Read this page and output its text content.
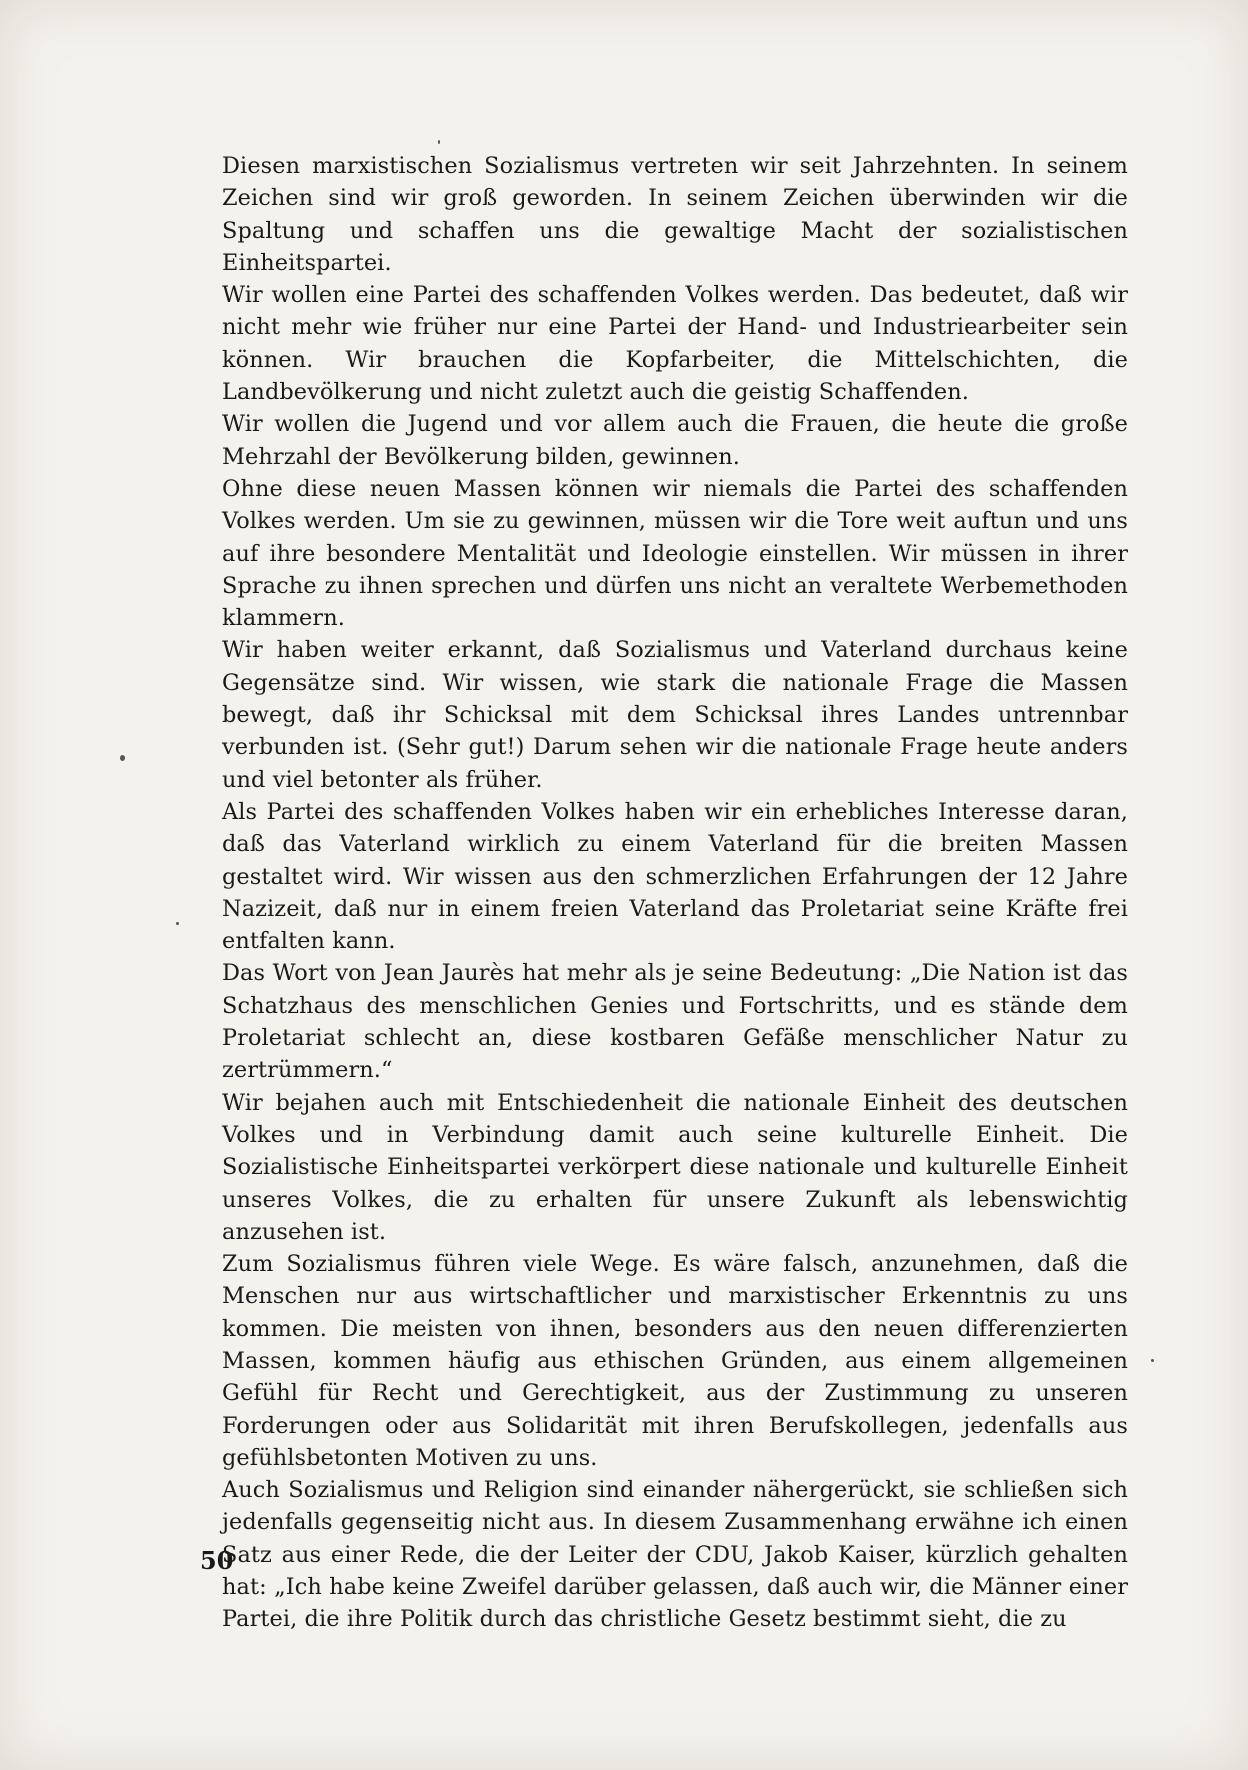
Diesen marxistischen Sozialismus vertreten wir seit Jahrzehnten. In seinem Zeichen sind wir groß geworden. In seinem Zeichen überwinden wir die Spaltung und schaffen uns die gewaltige Macht der sozialistischen Einheitspartei.

Wir wollen eine Partei des schaffenden Volkes werden. Das bedeutet, daß wir nicht mehr wie früher nur eine Partei der Hand- und Industriearbeiter sein können. Wir brauchen die Kopfarbeiter, die Mittelschichten, die Landbevölkerung und nicht zuletzt auch die geistig Schaffenden.

Wir wollen die Jugend und vor allem auch die Frauen, die heute die große Mehrzahl der Bevölkerung bilden, gewinnen.

Ohne diese neuen Massen können wir niemals die Partei des schaffenden Volkes werden. Um sie zu gewinnen, müssen wir die Tore weit auftun und uns auf ihre besondere Mentalität und Ideologie einstellen. Wir müssen in ihrer Sprache zu ihnen sprechen und dürfen uns nicht an veraltete Werbemethoden klammern.

Wir haben weiter erkannt, daß Sozialismus und Vaterland durchaus keine Gegensätze sind. Wir wissen, wie stark die nationale Frage die Massen bewegt, daß ihr Schicksal mit dem Schicksal ihres Landes untrennbar verbunden ist. (Sehr gut!) Darum sehen wir die nationale Frage heute anders und viel betonter als früher.

Als Partei des schaffenden Volkes haben wir ein erhebliches Interesse daran, daß das Vaterland wirklich zu einem Vaterland für die breiten Massen gestaltet wird. Wir wissen aus den schmerzlichen Erfahrungen der 12 Jahre Nazizeit, daß nur in einem freien Vaterland das Proletariat seine Kräfte frei entfalten kann.

Das Wort von Jean Jaurès hat mehr als je seine Bedeutung: „Die Nation ist das Schatzhaus des menschlichen Genies und Fortschritts, und es stände dem Proletariat schlecht an, diese kostbaren Gefäße menschlicher Natur zu zertrümmern.“

Wir bejahen auch mit Entschiedenheit die nationale Einheit des deutschen Volkes und in Verbindung damit auch seine kulturelle Einheit. Die Sozialistische Einheitspartei verkörpert diese nationale und kulturelle Einheit unseres Volkes, die zu erhalten für unsere Zukunft als lebenswichtig anzusehen ist.

Zum Sozialismus führen viele Wege. Es wäre falsch, anzunehmen, daß die Menschen nur aus wirtschaftlicher und marxistischer Erkenntnis zu uns kommen. Die meisten von ihnen, besonders aus den neuen differenzierten Massen, kommen häufig aus ethischen Gründen, aus einem allgemeinen Gefühl für Recht und Gerechtigkeit, aus der Zustimmung zu unseren Forderungen oder aus Solidarität mit ihren Berufskollegen, jedenfalls aus gefühlsbetonten Motiven zu uns.

Auch Sozialismus und Religion sind einander nähergerückt, sie schließen sich jedenfalls gegenseitig nicht aus. In diesem Zusammenhang erwähne ich einen Satz aus einer Rede, die der Leiter der CDU, Jakob Kaiser, kürzlich gehalten hat: „Ich habe keine Zweifel darüber gelassen, daß auch wir, die Männer einer Partei, die ihre Politik durch das christliche Gesetz bestimmt sieht, die zu

50
